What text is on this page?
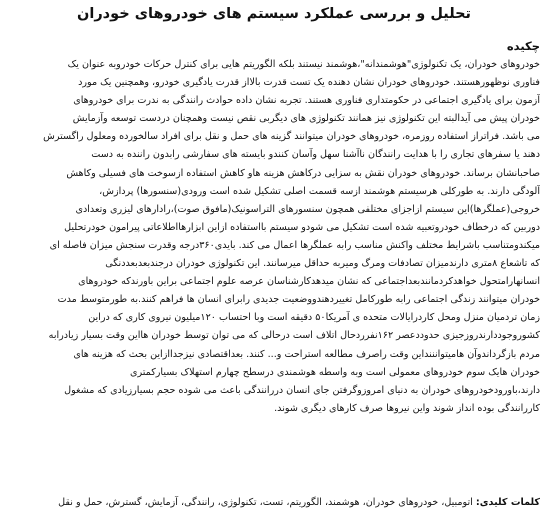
تحلیل و بررسی عملکرد سیستم های خودروهای خودران
چکیده
خودروهای خودران، یک تکنولوژی"هوشمندانه"،هوشمند نیستند بلکه الگوریتم هایی برای کنترل حرکات خودروبه عنوان یک
فناوری نوظهورهستند. خودروهای خودران نشان دهنده یک تست قدرت بالااز قدرت یادگیری خودرو، وهمچنین یک مورد
آزمون برای یادگیری اجتماعی در حکومتداری فناوری هستند. تجربه نشان داده حوادث رانندگی به ندرت برای خودروهای
خودران پیش می آیدالبته این تکنولوژی نیز همانند تکنولوژی های دیگربی نقص نیست وهمچنان دردست توسعه وآزمایش
می باشد. فراتراز استفاده روزمره، خودروهای خودران میتوانند گزینه های حمل و نقل برای افراد سالخورده ومعلول راگسترش
دهند یا سفرهای تجاری را با هدایت رانندگان ناآشنا سهل وآسان کنندو بایسته های سفارشی رابدون راننده به دست
صاحبانشان برساند. خودروهای خودران نقش به سزایی درکاهش هزینه هاو کاهش استفاده ازسوخت های فسیلی وکاهش
آلودگی دارند. به طورکلی هرسیستم هوشمند ازسه قسمت اصلی تشکیل شده است ورودی(سنسورها) پردازش،
خروجی(عملگرها)این سیستم ازاجزای مختلفی همچون سنسورهای التراسونیک(مافوق صوت)،رادارهای لیزری وتعدادی
دوربین که درخطاف خودروتعبیه شده است تشکیل می شودو سیستم بااستفاده ازاین ابزارهااطلاعاتی پیرامون خودرتحلیل
میکندومتناسب باشرایط مختلف واکنش مناسب رابه عملگرها اعمال می کند. بایدی۳۶۰درجه وقدرت سنجش میزان فاصله ای
که تاشعاع ۸متری دارندمیزان تصادفات ومرگ ومیربه حداقل میرسانند. این تکنولوژی خودران درجندبعدبعددنگی
انسانهارامتحول خواهدکردمانندبعداجتماعی که نشان میدهدکارشناسان عرصه علوم اجتماعی براین باورندکه خودروهای
خودران میتوانند زندگی اجتماعی رابه طورکامل تغییردهندووضعیت جدیدی رابرای انسان ها فراهم کنند.به طورمتوسط مدت
زمان تردمیان منزل ومحل کاردرایالات متحده ی آمریکا۵۰ دقیقه است وبا احتساب ۱۲۰میلیون نیروی کاری که دراین
کشوروجوددارندروزجیزی حدوددعصر ۱۶۲نفرردحال اتلاف است درحالی که می توان توسط خودران هااین وقت بسیار زیادرابه
مردم بازگرداندوآن هامیتوانننداین وقت راصرف مطالعه استراحت و... کنند. بعداقتصادی نیزجداازاین بحث که هزینه های
خودران هایک سوم خودروهای معمولی است وبه واسطه هوشمندی درسطح چهارم استهلاک بسیارکمتری
دارند،باورودخودروهای خودران به دنیای امروزوگرفتن جای انسان دررانندگی باعث می شوده حجم بسیارزیادی که مشغول
کاررانندگی بوده انداز شوند واین نیروها صرف کارهای دیگری شوند.
کلمات کلیدی: اتومبیل، خودروهای خودران، هوشمند، الگوریتم، تست، تکنولوژی، رانندگی، آزمایش، گسترش، حمل و نقل
